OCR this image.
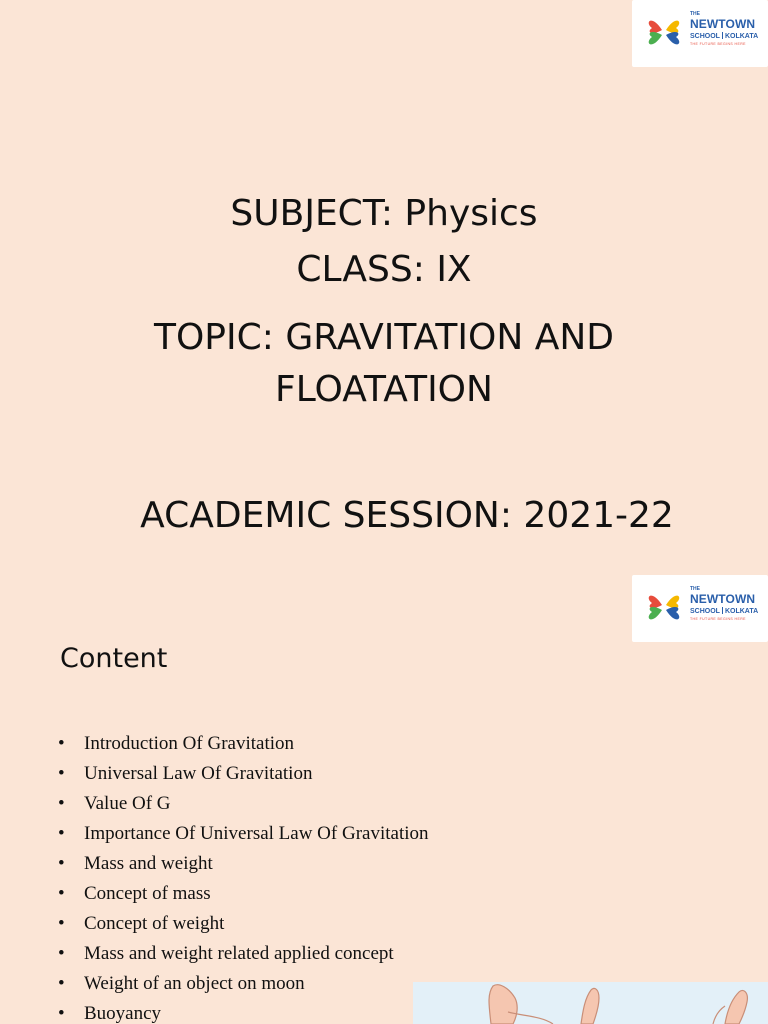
THE
NEWTOWN
SCHOOL KOLKATA
THE FUTURE BEGINS HERE
SUBJECT: Physics
CLASS: IX
TOPIC: GRAVITATION AND FLOATATION
ACADEMIC SESSION: 2021-22
THE
NEWTOWN
SCHOOL KOLKATA
THE FUTURE BEGINS HERE
Content
• Introduction Of Gravitation
• Universal Law Of Gravitation
• Value Of G
• Importance Of Universal Law Of Gravitation
• Mass and weight
• Concept of mass
• Concept of weight
• Mass and weight related applied concept
• Weight of an object on moon
• Buoyancy
